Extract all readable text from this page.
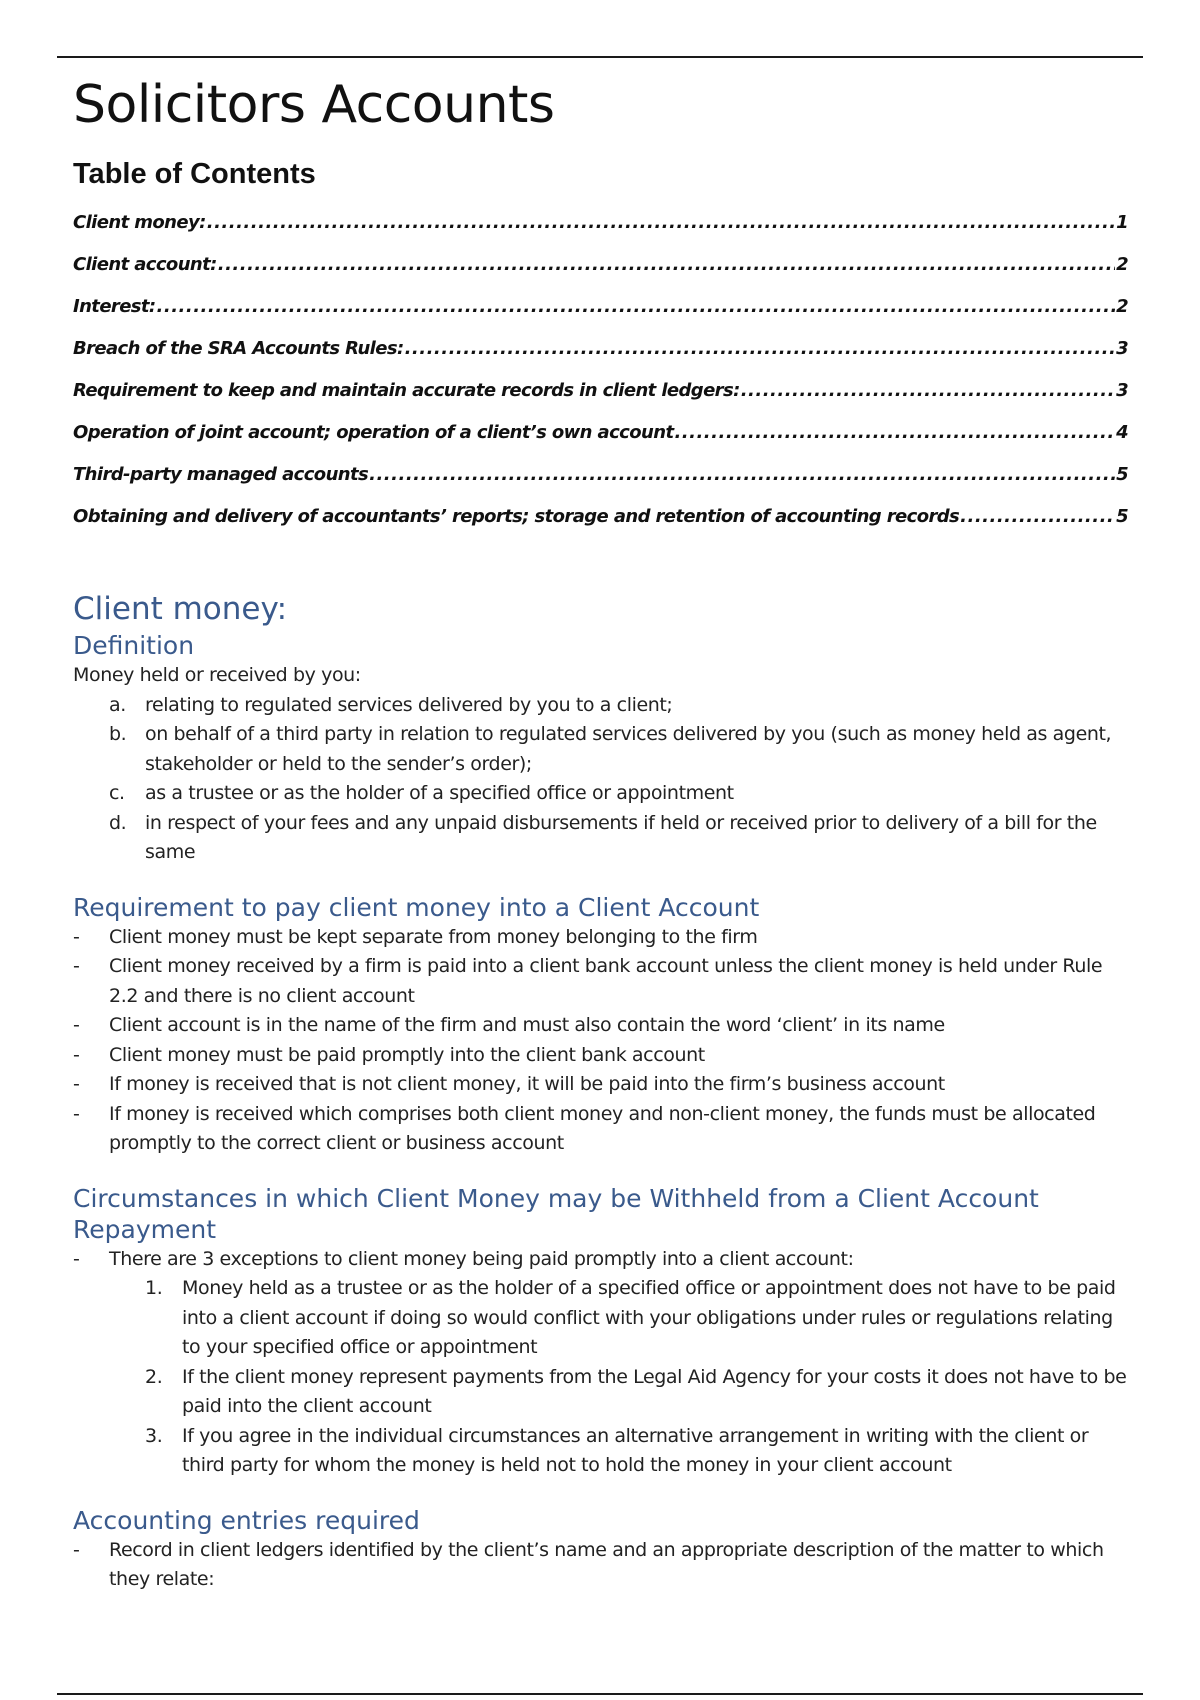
Solicitors Accounts
Table of Contents
Client money: .....	1
Client account: .....	2
Interest: .....	2
Breach of the SRA Accounts Rules: .....	3
Requirement to keep and maintain accurate records in client ledgers: .....	3
Operation of joint account; operation of a client’s own account .....	4
Third-party managed accounts .....	5
Obtaining and delivery of accountants’ reports; storage and retention of accounting records .....	5
Client money:
Definition

Money held or received by you:

a. relating to regulated services delivered by you to a client;
b. on behalf of a third party in relation to regulated services delivered by you (such as money held as agent, stakeholder or held to the sender’s order);
c. as a trustee or as the holder of a specified office or appointment
d. in respect of your fees and any unpaid disbursements if held or received prior to delivery of a bill for the same
Requirement to pay client money into a Client Account
- Client money must be kept separate from money belonging to the firm
- Client money received by a firm is paid into a client bank account unless the client money is held under Rule 2.2 and there is no client account
- Client account is in the name of the firm and must also contain the word ‘client’ in its name
- Client money must be paid promptly into the client bank account
- If money is received that is not client money, it will be paid into the firm’s business account
- If money is received which comprises both client money and non-client money, the funds must be allocated promptly to the correct client or business account
Circumstances in which Client Money may be Withheld from a Client Account Repayment
- There are 3 exceptions to client money being paid promptly into a client account:
1. Money held as a trustee or as the holder of a specified office or appointment does not have to be paid into a client account if doing so would conflict with your obligations under rules or regulations relating to your specified office or appointment
2. If the client money represent payments from the Legal Aid Agency for your costs it does not have to be paid into the client account
3. If you agree in the individual circumstances an alternative arrangement in writing with the client or third party for whom the money is held not to hold the money in your client account
Accounting entries required
- Record in client ledgers identified by the client’s name and an appropriate description of the matter to which they relate:
